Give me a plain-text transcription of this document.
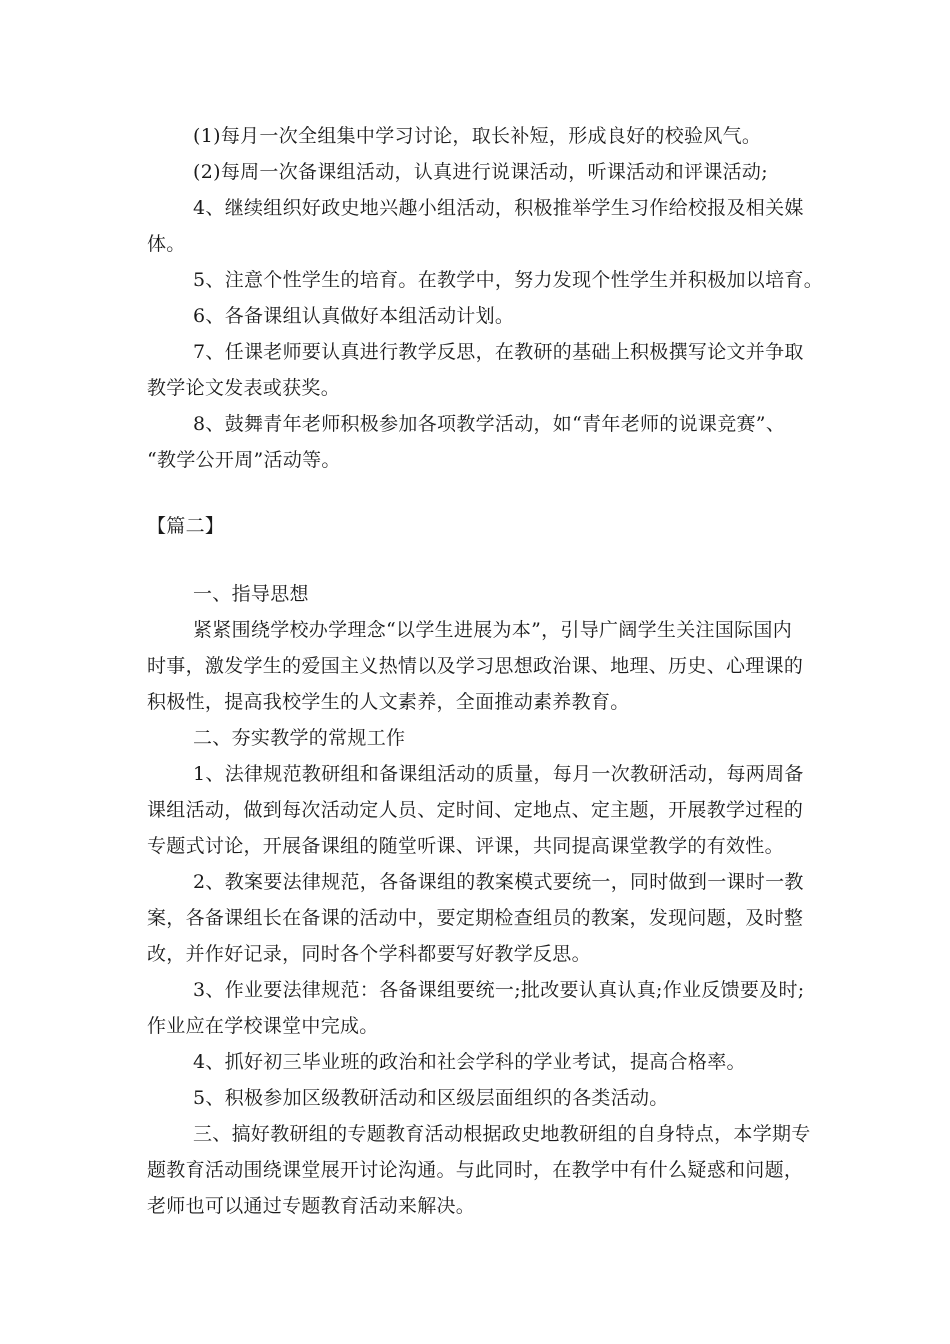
(1)每月一次全组集中学习讨论，取长补短，形成良好的校验风气。
(2)每周一次备课组活动，认真进行说课活动，听课活动和评课活动;
4、继续组织好政史地兴趣小组活动，积极推举学生习作给校报及相关媒
体。
5、注意个性学生的培育。在教学中，努力发现个性学生并积极加以培育。
6、各备课组认真做好本组活动计划。
7、任课老师要认真进行教学反思，在教研的基础上积极撰写论文并争取
教学论文发表或获奖。
8、鼓舞青年老师积极参加各项教学活动，如“青年老师的说课竞赛”、
“教学公开周”活动等。
【篇二】
一、指导思想
紧紧围绕学校办学理念“以学生进展为本”，引导广阔学生关注国际国内
时事，激发学生的爱国主义热情以及学习思想政治课、地理、历史、心理课的
积极性，提高我校学生的人文素养，全面推动素养教育。
二、夯实教学的常规工作
1、法律规范教研组和备课组活动的质量，每月一次教研活动，每两周备
课组活动，做到每次活动定人员、定时间、定地点、定主题，开展教学过程的
专题式讨论，开展备课组的随堂听课、评课，共同提高课堂教学的有效性。
2、教案要法律规范，各备课组的教案模式要统一，同时做到一课时一教
案，各备课组长在备课的活动中，要定期检查组员的教案，发现问题，及时整
改，并作好记录，同时各个学科都要写好教学反思。
3、作业要法律规范：各备课组要统一;批改要认真认真;作业反馈要及时;
作业应在学校课堂中完成。
4、抓好初三毕业班的政治和社会学科的学业考试，提高合格率。
5、积极参加区级教研活动和区级层面组织的各类活动。
三、搞好教研组的专题教育活动根据政史地教研组的自身特点，本学期专
题教育活动围绕课堂展开讨论沟通。与此同时，在教学中有什么疑惑和问题，
老师也可以通过专题教育活动来解决。
